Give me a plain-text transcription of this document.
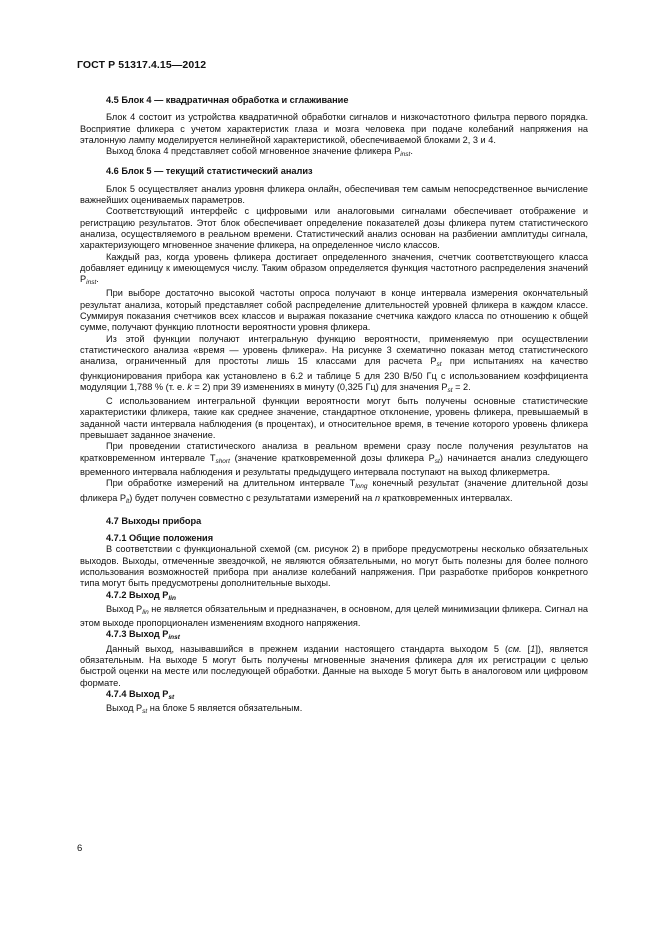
ГОСТ Р 51317.4.15—2012

4.5 Блок 4 — квадратичная обработка и сглаживание

Блок 4 состоит из устройства квадратичной обработки сигналов и низкочастотного фильтра первого порядка. Восприятие фликера с учетом характеристик глаза и мозга человека при подаче колебаний напряжения на эталонную лампу моделируется нелинейной характеристикой, обеспечиваемой блоками 2, 3 и 4.

Выход блока 4 представляет собой мгновенное значение фликера $P_{inst}$.

4.6 Блок 5 — текущий статистический анализ

Блок 5 осуществляет анализ уровня фликера онлайн, обеспечивая тем самым непосредственное вычисление важнейших оцениваемых параметров.

Соответствующий интерфейс с цифровыми или аналоговыми сигналами обеспечивает отображение и регистрацию результатов. Этот блок обеспечивает определение показателей дозы фликера путем статистического анализа, осуществляемого в реальном времени. Статистический анализ основан на разбиении амплитуды сигнала, характеризующего мгновенное значение фликера, на определенное число классов.

Каждый раз, когда уровень фликера достигает определенного значения, счетчик соответствующего класса добавляет единицу к имеющемуся числу. Таким образом определяется функция частотного распределения значений $P_{inst}$.

При выборе достаточно высокой частоты опроса получают в конце интервала измерения окончательный результат анализа, который представляет собой распределение длительностей уровней фликера в каждом классе. Суммируя показания счетчиков всех классов и выражая показание счетчика каждого класса по отношению к общей сумме, получают функцию плотности вероятности уровня фликера.

Из этой функции получают интегральную функцию вероятности, применяемую при осуществлении статистического анализа «время — уровень фликера». На рисунке 3 схематично показан метод статистического анализа, ограниченный для простоты лишь 15 классами для расчета $P_{st}$ при испытаниях на качество функционирования прибора как установлено в 6.2 и таблице 5 для 230 В/50 Гц с использованием коэффициента модуляции 1,788 % (т. е. k = 2) при 39 изменениях в минуту (0,325 Гц) для значения $P_{st} = 2$.

С использованием интегральной функции вероятности могут быть получены основные статистические характеристики фликера, такие как среднее значение, стандартное отклонение, уровень фликера, превышаемый в заданной части интервала наблюдения (в процентах), и относительное время, в течение которого уровень фликера превышает заданное значение.

При проведении статистического анализа в реальном времени сразу после получения результатов на кратковременном интервале $T_{short}$ (значение кратковременной дозы фликера $P_{st}$) начинается анализ следующего временного интервала наблюдения и результаты предыдущего интервала поступают на выход фликерметра.

При обработке измерений на длительном интервале $T_{long}$ конечный результат (значение длительной дозы фликера $P_{lt}$) будет получен совместно с результатами измерений на n кратковременных интервалах.

4.7 Выходы прибора

4.7.1 Общие положения

В соответствии с функциональной схемой (см. рисунок 2) в приборе предусмотрены несколько обязательных выходов. Выходы, отмеченные звездочкой, не являются обязательными, но могут быть полезны для более полного использования возможностей прибора при анализе колебаний напряжения. При разработке приборов конкретного типа могут быть предусмотрены дополнительные выходы.

4.7.2 Выход $P_{lin}$

Выход $P_{lin}$ не является обязательным и предназначен, в основном, для целей минимизации фликера. Сигнал на этом выходе пропорционален изменениям входного напряжения.

4.7.3 Выход $P_{inst}$

Данный выход, называвшийся в прежнем издании настоящего стандарта выходом 5 (см. [1]), является обязательным. На выходе 5 могут быть получены мгновенные значения фликера для их регистрации с целью быстрой оценки на месте или последующей обработки. Данные на выходе 5 могут быть в аналоговом или цифровом формате.

4.7.4 Выход $P_{st}$

Выход $P_{st}$ на блоке 5 является обязательным.

6
